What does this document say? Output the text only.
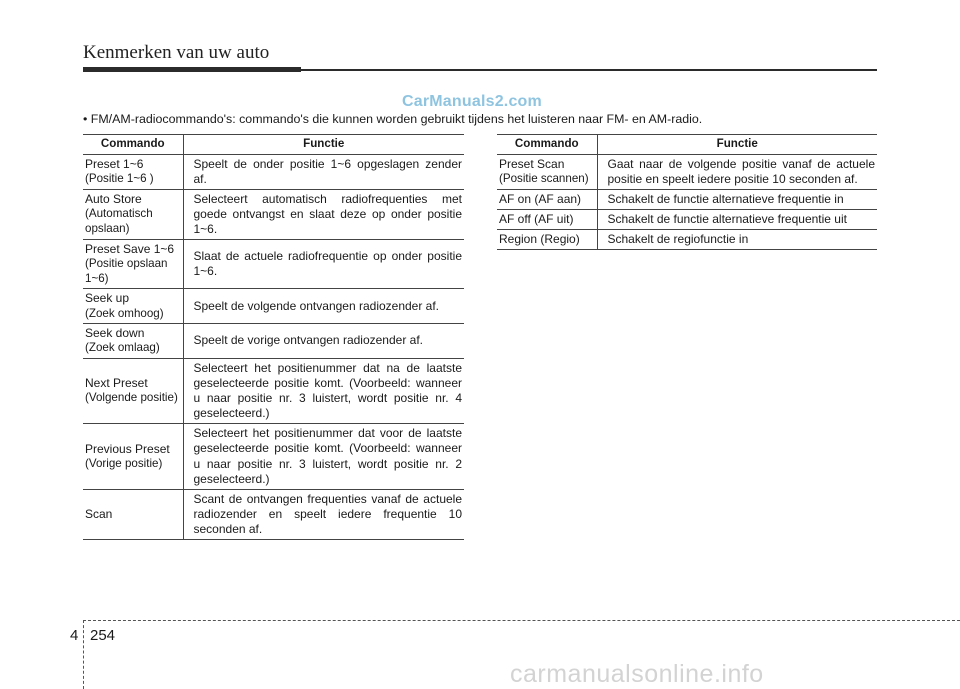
Kenmerken van uw auto
CarManuals2.com
• FM/AM-radiocommando's: commando's die kunnen worden gebruikt tijdens het luisteren naar FM- en AM-radio.
Commando	Functie
Preset 1~6
(Positie 1~6 )	Speelt de onder positie 1~6 opgeslagen zender af.
Auto Store
(Automatisch opslaan)	Selecteert automatisch radiofrequenties met goede ontvangst en slaat deze op onder positie 1~6.
Preset Save 1~6
(Positie opslaan 1~6)	Slaat de actuele radiofrequentie op onder positie 1~6.
Seek up
(Zoek omhoog)	Speelt de volgende ontvangen radiozender af.
Seek down
(Zoek omlaag)	Speelt de vorige ontvangen radiozender af.
Next Preset
(Volgende positie)	Selecteert het positienummer dat na de laatste geselecteerde positie komt. (Voorbeeld: wanneer u naar positie nr. 3 luistert, wordt positie nr. 4 geselecteerd.)
Previous Preset
(Vorige positie)	Selecteert het positienummer dat voor de laatste geselecteerde positie komt. (Voorbeeld: wanneer u naar positie nr. 3 luistert, wordt positie nr. 2 geselecteerd.)
Scan	Scant de ontvangen frequenties vanaf de actuele radiozender en speelt iedere frequentie 10 seconden af.
Commando	Functie
Preset Scan
(Positie scannen)	Gaat naar de volgende positie vanaf de actuele positie en speelt iedere positie 10 seconden af.
AF on (AF aan)	Schakelt de functie alternatieve frequentie in
AF off (AF uit)	Schakelt de functie alternatieve frequentie uit
Region (Regio)	Schakelt de regiofunctie in
4 254
carmanualsonline.info
